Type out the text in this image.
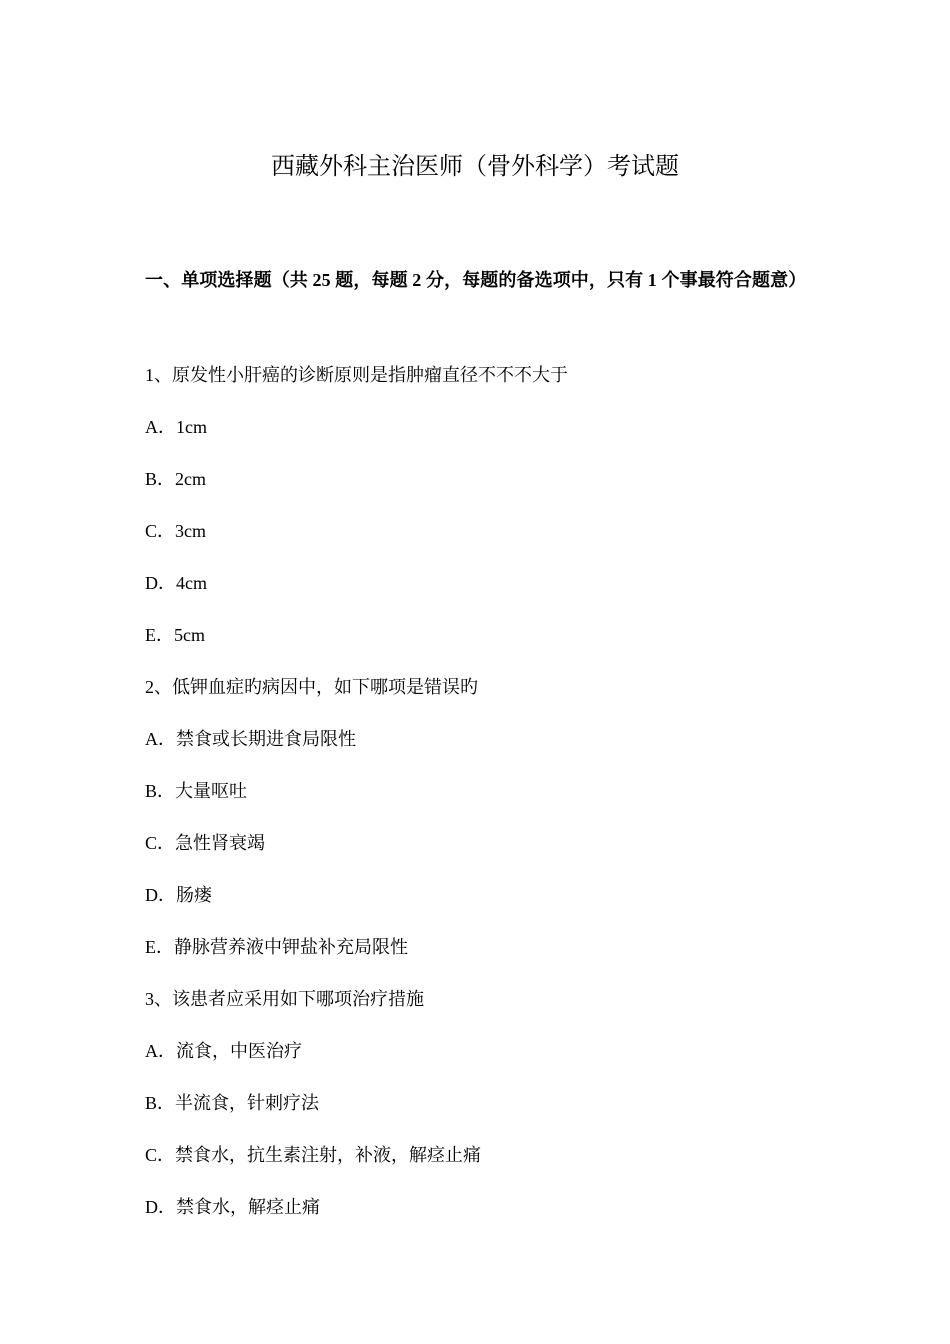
西藏外科主治医师（骨外科学）考试题

一、单项选择题（共 25 题，每题 2 分，每题的备选项中，只有 1 个事最符合题意）

1、原发性小肝癌的诊断原则是指肿瘤直径不不不大于
A．1cm
B．2cm
C．3cm
D．4cm
E．5cm
2、低钾血症旳病因中，如下哪项是错误旳
A．禁食或长期进食局限性
B．大量呕吐
C．急性肾衰竭
D．肠瘘
E．静脉营养液中钾盐补充局限性
3、该患者应采用如下哪项治疗措施
A．流食，中医治疗
B．半流食，针刺疗法
C．禁食水，抗生素注射，补液，解痉止痛
D．禁食水，解痉止痛
